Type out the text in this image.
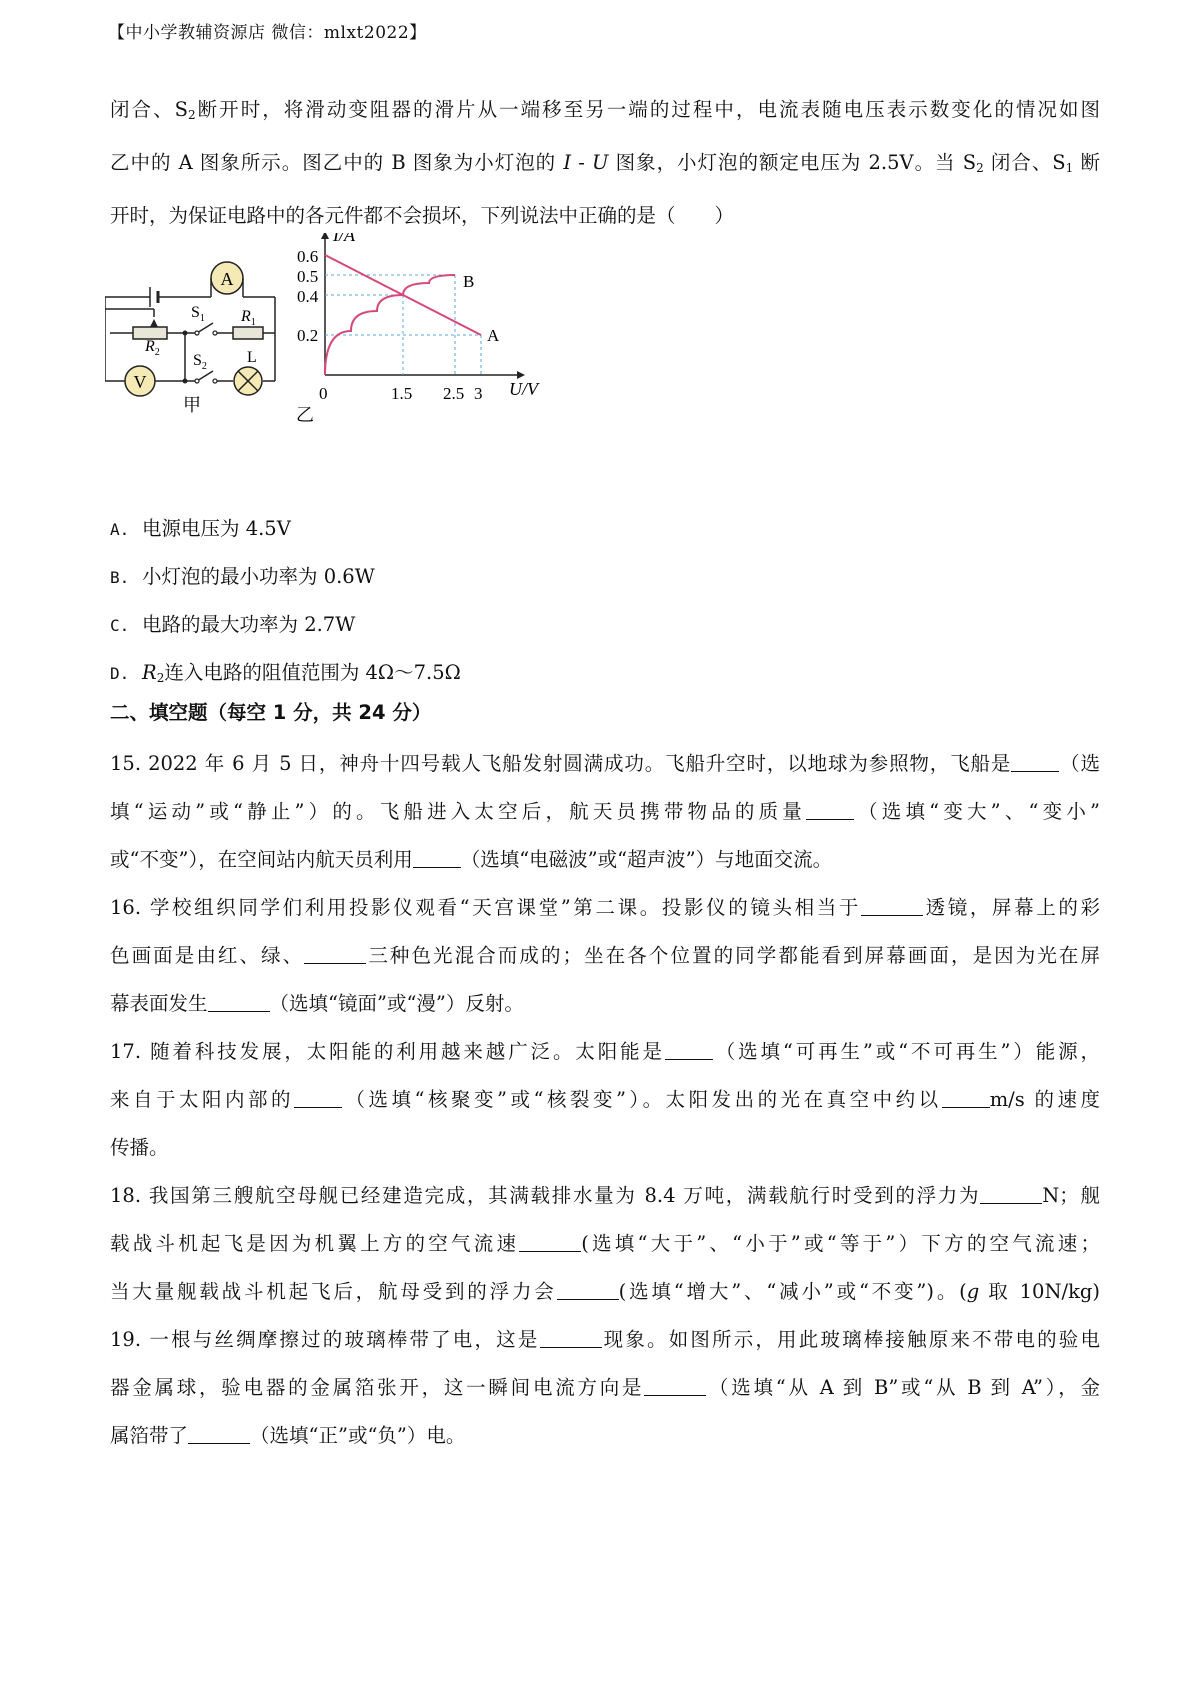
【中小学教辅资源店 微信：mlxt2022】
闭合、$S_2$断开时，将滑动变阻器的滑片从一端移至另一端的过程中，电流表随电压表示数变化的情况如图
乙中的 A 图象所示。图乙中的 B 图象为小灯泡的 I - U 图象，小灯泡的额定电压为 2.5V。当 $S_2$ 闭合、$S_1$ 断
开时，为保证电路中的各元件都不会损坏，下列说法中正确的是（　　）
A
V
$S_1$ $R_1$
$R_2$ $S_2$
L
甲
I/A
U/V
0.6
0.5
0.4
0.2
0	1.5 2.5 3
乙
B
A
A. 电源电压为 4.5V
B. 小灯泡的最小功率为 0.6W
C. 电路的最大功率为 2.7W
D. $R_2$连入电路的阻值范围为 4Ω～7.5Ω
二、填空题（每空 1 分，共 24 分）
15. 2022 年 6 月 5 日，神舟十四号载人飞船发射圆满成功。飞船升空时，以地球为参照物，飞船是 （选
填“运动”或“静止”）的。飞船进入太空后，航天员携带物品的质量 （选填“变大”、“变小”
或“不变”），在空间站内航天员利用 （选填“电磁波”或“超声波”）与地面交流。
16. 学校组织同学们利用投影仪观看“天宫课堂”第二课。投影仪的镜头相当于	透镜，屏幕上的彩
色画面是由红、绿、	三种色光混合而成的；坐在各个位置的同学都能看到屏幕画面，是因为光在屏
幕表面发生	（选填“镜面”或“漫”）反射。
17. 随着科技发展，太阳能的利用越来越广泛。太阳能是 （选填“可再生”或“不可再生”）能源，
来自于太阳内部的 （选填“核聚变”或“核裂变”）。太阳发出的光在真空中约以 m/s 的速度
传播。
18. 我国第三艘航空母舰已经建造完成，其满载排水量为 8.4 万吨，满载航行时受到的浮力为	N；舰
载战斗机起飞是因为机翼上方的空气流速	(选填“大于”、“小于”或“等于”）下方的空气流速；
当大量舰载战斗机起飞后，航母受到的浮力会	(选填“增大”、“减小”或“不变”)。(g 取 10N/kg)
19. 一根与丝绸摩擦过的玻璃棒带了电，这是	现象。如图所示，用此玻璃棒接触原来不带电的验电
器金属球，验电器的金属箔张开，这一瞬间电流方向是	（选填“从 A 到 B”或“从 B 到 A”），金
属箔带了	（选填“正”或“负”）电。
